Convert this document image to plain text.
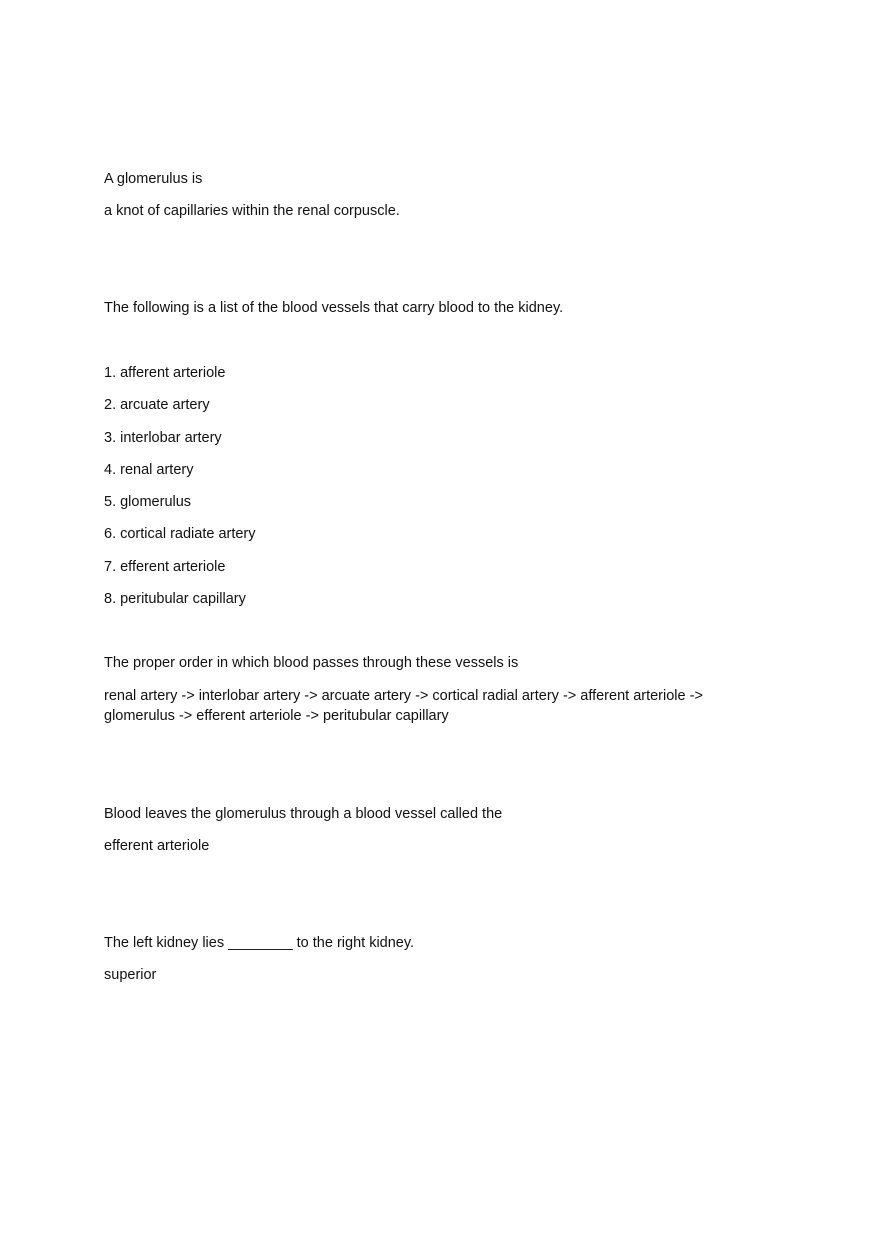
A glomerulus is
a knot of capillaries within the renal corpuscle.
The following is a list of the blood vessels that carry blood to the kidney.
1. afferent arteriole
2. arcuate artery
3. interlobar artery
4. renal artery
5. glomerulus
6. cortical radiate artery
7. efferent arteriole
8. peritubular capillary
The proper order in which blood passes through these vessels is
renal artery -> interlobar artery -> arcuate artery -> cortical radial artery -> afferent arteriole ->
glomerulus -> efferent arteriole -> peritubular capillary
Blood leaves the glomerulus through a blood vessel called the
efferent arteriole
The left kidney lies ________ to the right kidney.
superior
